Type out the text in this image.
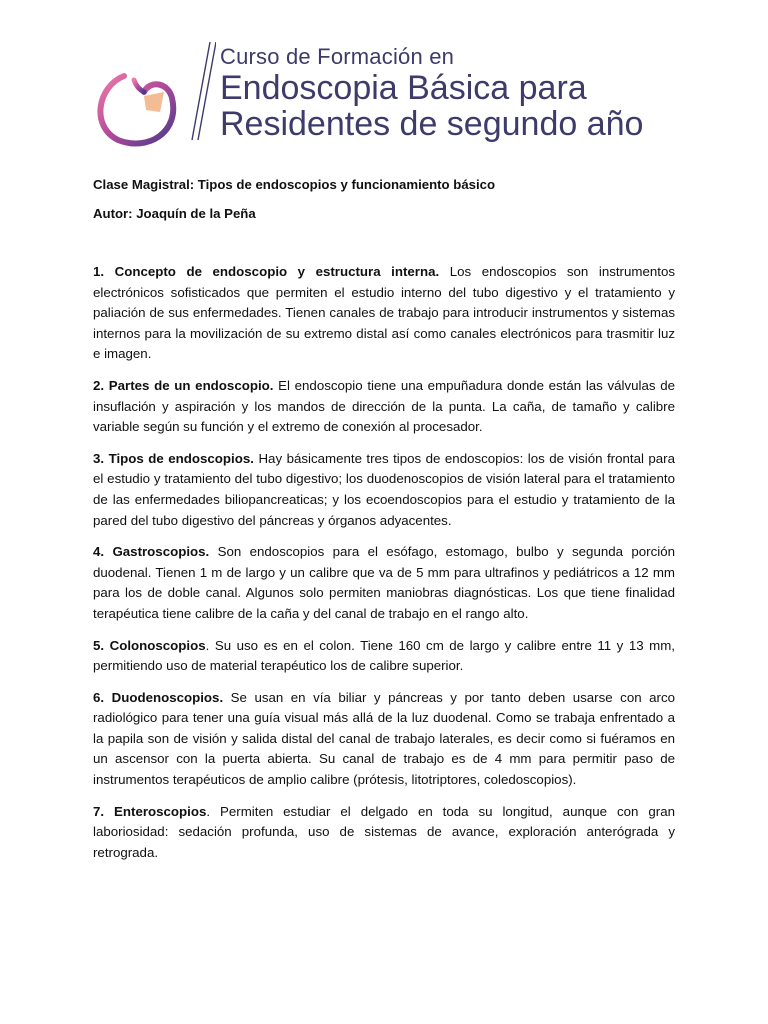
Curso de Formación en
Endoscopia Básica para
Residentes de segundo año
Clase Magistral: Tipos de endoscopios y funcionamiento básico
Autor: Joaquín de la Peña

1. Concepto de endoscopio y estructura interna. Los endoscopios son instrumentos electrónicos sofisticados que permiten el estudio interno del tubo digestivo y el tratamiento y paliación de sus enfermedades. Tienen canales de trabajo para introducir instrumentos y sistemas internos para la movilización de su extremo distal así como canales electrónicos para trasmitir luz e imagen.

2. Partes de un endoscopio. El endoscopio tiene una empuñadura donde están las válvulas de insuflación y aspiración y los mandos de dirección de la punta. La caña, de tamaño y calibre variable según su función y el extremo de conexión al procesador.

3. Tipos de endoscopios. Hay básicamente tres tipos de endoscopios: los de visión frontal para el estudio y tratamiento del tubo digestivo; los duodenoscopios de visión lateral para el tratamiento de las enfermedades biliopancreaticas; y los ecoendoscopios para el estudio y tratamiento de la pared del tubo digestivo del páncreas y órganos adyacentes.

4. Gastroscopios. Son endoscopios para el esófago, estomago, bulbo y segunda porción duodenal. Tienen 1 m de largo y un calibre que va de 5 mm para ultrafinos y pediátricos a 12 mm para los de doble canal. Algunos solo permiten maniobras diagnósticas. Los que tiene finalidad terapéutica tiene calibre de la caña y del canal de trabajo en el rango alto.

5. Colonoscopios. Su uso es en el colon. Tiene 160 cm de largo y calibre entre 11 y 13 mm, permitiendo uso de material terapéutico los de calibre superior.

6. Duodenoscopios. Se usan en vía biliar y páncreas y por tanto deben usarse con arco radiológico para tener una guía visual más allá de la luz duodenal. Como se trabaja enfrentado a la papila son de visión y salida distal del canal de trabajo laterales, es decir como si fuéramos en un ascensor con la puerta abierta. Su canal de trabajo es de 4 mm para permitir paso de instrumentos terapéuticos de amplio calibre (prótesis, litotriptores, coledoscopios).

7. Enteroscopios. Permiten estudiar el delgado en toda su longitud, aunque con gran laboriosidad: sedación profunda, uso de sistemas de avance, exploración anterógrada y retrograda.
